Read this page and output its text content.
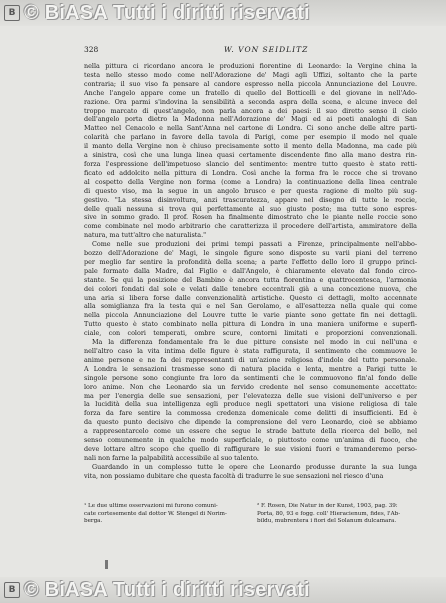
B © BiASA Tutti i diritti riservati
328	W. VON SEIDLITZ
nella pittura ci ricordano ancora le produzioni fiorentine di Leonardo: la Vergine china la
testa nello stesso modo come nell'Adorazione de' Magi agli Uffizi, soltanto che la parte
contraria; il suo viso fa pensare al candore espresso nella piccola Annunciazione del Louvre.
Anche l'angelo appare come un fratello di quello del Botticelli e del giovane in nell'Ado-
razione. Ora parmi s'indovina la sensibilità a seconda aspra della scena, e alcune invece del
troppo marcato di quest'angelo, non parla ancora a dei paesi: il suo diretto senso il cielo
dell'angelo porta dietro la Madonna nell'Adorazione de' Magi ed ai poeti analoghi di San
Matteo nel Cenacolo e nella Sant'Anna nel cartone di Londra. Ci sono anche delle altre parti-
colarità che parlano in favore della tavola di Parigi, come per esempio il modo nel quale
il manto della Vergine non è chiuso precisamente sotto il mento della Madonna, ma cade più
a sinistra, così che una lunga linea quasi certamente discendente fino alla mano destra rin-
forza l'espressione dell'impetuoso slancio del sentimento: mentre tutto questo è stato retti-
ficato ed addolcito nella pittura di Londra. Così anche la forma fra le rocce che si trovano
al cospetto della Vergine non forma (come a Londra) la continuazione della linea centrale
di questo viso, ma la segue in un angolo brusco e per questa ragione di molto più sug-
gestivo. "La stessa disinvoltura, anzi trascuratezza, appare nel disegno di tutte le roccie,
delle quali nessuna si trova qui perfettamente al suo giusto posto; ma tutte sono espres-
sive in sommo grado. Il prof. Rosen ha finalmente dimostrato che le piante nelle roccie sono
come combinate nel modo arbitrario che caratterizza il procedere dell'artista, ammiratore della
natura, ma tutt'altro che naturalista."
Come nelle sue produzioni dei primi tempi passati a Firenze, principalmente nell'abbo-
bozzo dell'Adorazione de' Magi, le singole figure sono disposte su varii piani del terreno
per meglio far sentire la profondità della scena; a parte l'effetto dello loro il gruppo princi-
pale formato dalla Madre, dal Figlio e dall'Angelo, è chiaramente elevato dal fondo circo-
stante. Se qui la posizione del Bambino è ancora tutta fiorentina e quattrocentesca, l'armonia
dei colori fondati dal sole e velati dalle tenebre eccentrali già a una concezione nuova, che
una aria si libera forse dalle convenzionalità artistiche. Questo ci dettagli, molto accennate
alla somiglianza fra la testa qui e nel San Gerolamo, e all'esattezza nella quale qui come
nella piccola Annunciazione del Louvre tutte le varie piante sono gettate fin nei dettagli.
Tutto questo è stato combinato nella pittura di Londra in una maniera uniforme e superfi-
ciale, con colori temperati, ombre scure, contorni limitati e proporzioni convenzionali.
Ma la differenza fondamentale fra le due pitture consiste nel modo in cui nell'una e
nell'altro caso la vita intima delle figure è stata raffigurata, il sentimento che commuove le
anime persone e ne fa dei rappresentanti di un'azione religiosa d'indole del tutto personale.
A Londra le sensazioni trasmesse sono di natura placida e lenta, mentre a Parigi tutte le
singole persone sono congiunte fra loro da sentimenti che le commuovono fin'al fondo delle
loro anime. Non che Leonardo sia un fervido credente nel senso comunemente accettato:
ma per l'energia delle sue sensazioni, per l'elevatezza delle sue visioni dell'universo e per
la lucidità della sua intelligenza egli produce negli spettatori una visione religiosa di tale
forza da fare sentire la commossa credenza domenicale come delitti di insufficienti. Ed è
da questo punto decisivo che dipende la comprensione del vero Leonardo, cioè se abbiamo
a rappresentarcelo come un essere che segue le strade battute della ricerca del bello, nel
senso comunemente in qualche modo superficiale, o piuttosto come un'anima di fuoco, che
deve lottare altro scopo che quello di raffigurare le sue visioni fuori e tramanderemo perso-
nali non farne la palpabilità accessibile al suo talento.
Guardando in un complesso tutte le opere che Leonardo produsse durante la sua lunga
vita, non possiamo dubitare che questa facoltà di tradurre le sue sensazioni nel riesco d'una
¹ Le due ultime osservazioni mi furono comuni-
cate cortesemente dal dottor W. Stengel di Norim-
berga.
² F. Rosen, Die Natur in der Kunst, 1903, pag. 39:
Porta, 80, 93 e fogg. coll' Hieracienum, fides, l'Ab-
bildu, mubrentera i fiori del Solanum dulcamara.
B © BiASA Tutti i diritti riservati
